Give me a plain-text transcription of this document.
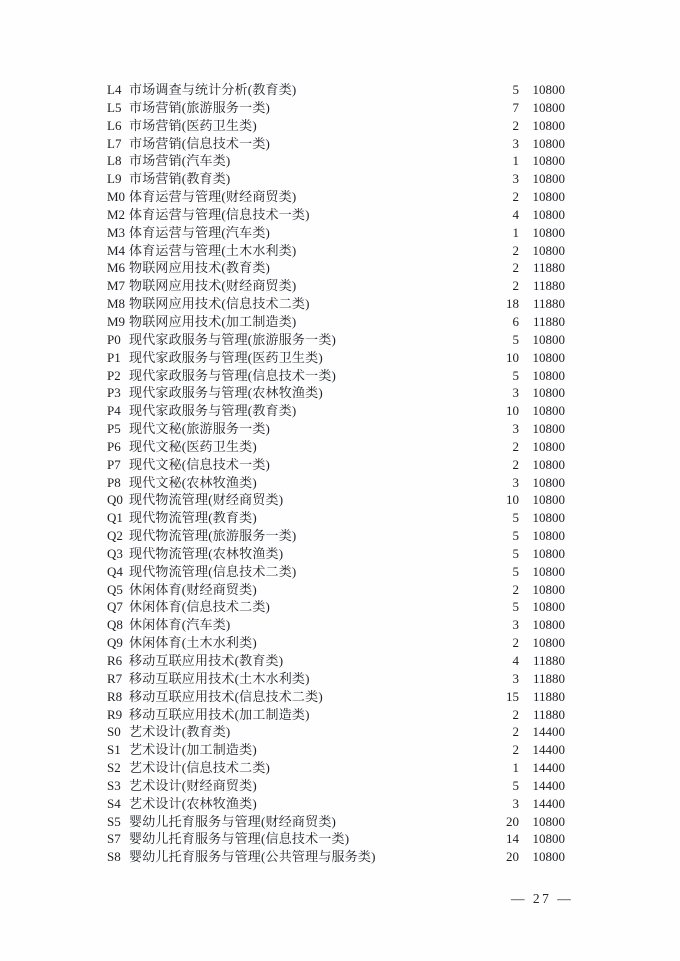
L4 市场调查与统计分析(教育类)	5	10800
L5 市场营销(旅游服务一类)	7	10800
L6 市场营销(医药卫生类)	2	10800
L7 市场营销(信息技术一类)	3	10800
L8 市场营销(汽车类)	1	10800
L9 市场营销(教育类)	3	10800
M0 体育运营与管理(财经商贸类)	2	10800
M2 体育运营与管理(信息技术一类)	4	10800
M3 体育运营与管理(汽车类)	1	10800
M4 体育运营与管理(土木水利类)	2	10800
M6 物联网应用技术(教育类)	2	11880
M7 物联网应用技术(财经商贸类)	2	11880
M8 物联网应用技术(信息技术二类)	18	11880
M9 物联网应用技术(加工制造类)	6	11880
P0 现代家政服务与管理(旅游服务一类)	5	10800
P1 现代家政服务与管理(医药卫生类)	10	10800
P2 现代家政服务与管理(信息技术一类)	5	10800
P3 现代家政服务与管理(农林牧渔类)	3	10800
P4 现代家政服务与管理(教育类)	10	10800
P5 现代文秘(旅游服务一类)	3	10800
P6 现代文秘(医药卫生类)	2	10800
P7 现代文秘(信息技术一类)	2	10800
P8 现代文秘(农林牧渔类)	3	10800
Q0 现代物流管理(财经商贸类)	10	10800
Q1 现代物流管理(教育类)	5	10800
Q2 现代物流管理(旅游服务一类)	5	10800
Q3 现代物流管理(农林牧渔类)	5	10800
Q4 现代物流管理(信息技术二类)	5	10800
Q5 休闲体育(财经商贸类)	2	10800
Q7 休闲体育(信息技术二类)	5	10800
Q8 休闲体育(汽车类)	3	10800
Q9 休闲体育(土木水利类)	2	10800
R6 移动互联应用技术(教育类)	4	11880
R7 移动互联应用技术(土木水利类)	3	11880
R8 移动互联应用技术(信息技术二类)	15	11880
R9 移动互联应用技术(加工制造类)	2	11880
S0 艺术设计(教育类)	2	14400
S1 艺术设计(加工制造类)	2	14400
S2 艺术设计(信息技术二类)	1	14400
S3 艺术设计(财经商贸类)	5	14400
S4 艺术设计(农林牧渔类)	3	14400
S5 婴幼儿托育服务与管理(财经商贸类)	20	10800
S7 婴幼儿托育服务与管理(信息技术一类)	14	10800
S8 婴幼儿托育服务与管理(公共管理与服务类)	20	10800
— 27 —
